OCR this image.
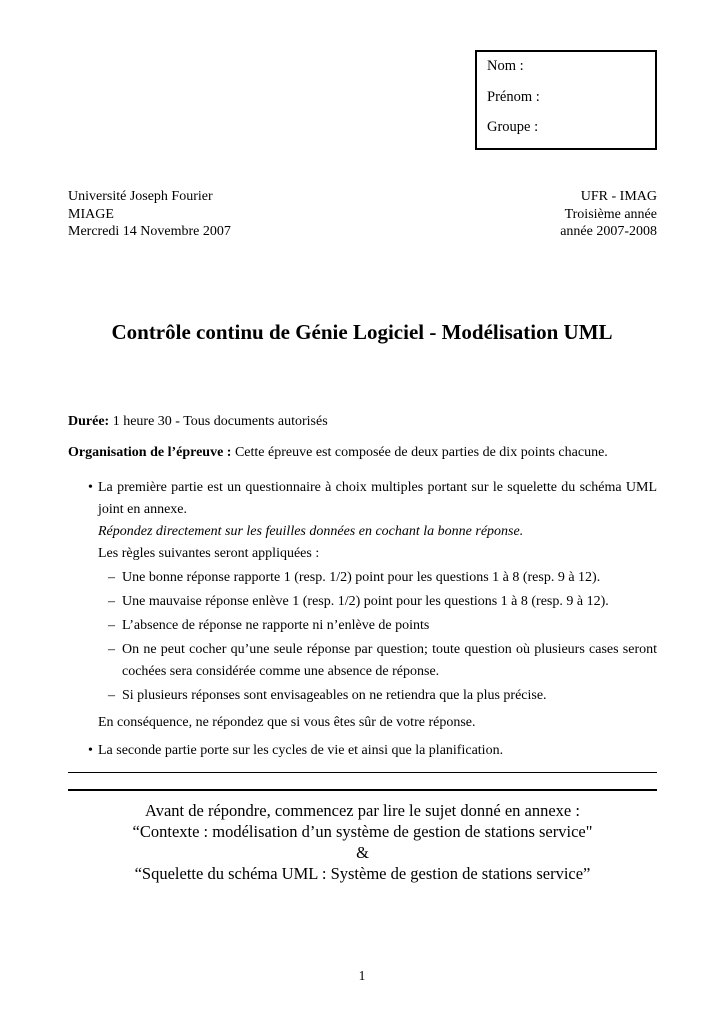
Nom :
Prénom :
Groupe :
Université Joseph Fourier
MIAGE
Mercredi 14 Novembre 2007
UFR - IMAG
Troisième année
année 2007-2008
Contrôle continu de Génie Logiciel - Modélisation UML

Durée: 1 heure 30 - Tous documents autorisés

Organisation de l’épreuve : Cette épreuve est composée de deux parties de dix points chacune.

• La première partie est un questionnaire à choix multiples portant sur le squelette du schéma UML joint en annexe.

Répondez directement sur les feuilles données en cochant la bonne réponse.

Les règles suivantes seront appliquées :

– Une bonne réponse rapporte 1 (resp. 1/2) point pour les questions 1 à 8 (resp. 9 à 12).
– Une mauvaise réponse enlève 1 (resp. 1/2) point pour les questions 1 à 8 (resp. 9 à 12).
– L’absence de réponse ne rapporte ni n’enlève de points
– On ne peut cocher qu’une seule réponse par question; toute question où plusieurs cases seront cochées sera considérée comme une absence de réponse.
– Si plusieurs réponses sont envisageables on ne retiendra que la plus précise.

En conséquence, ne répondez que si vous êtes sûr de votre réponse.

• La seconde partie porte sur les cycles de vie et ainsi que la planification.
Avant de répondre, commencez par lire le sujet donné en annexe :
“Contexte : modélisation d’un système de gestion de stations service"
&
“Squelette du schéma UML : Système de gestion de stations service”
1
